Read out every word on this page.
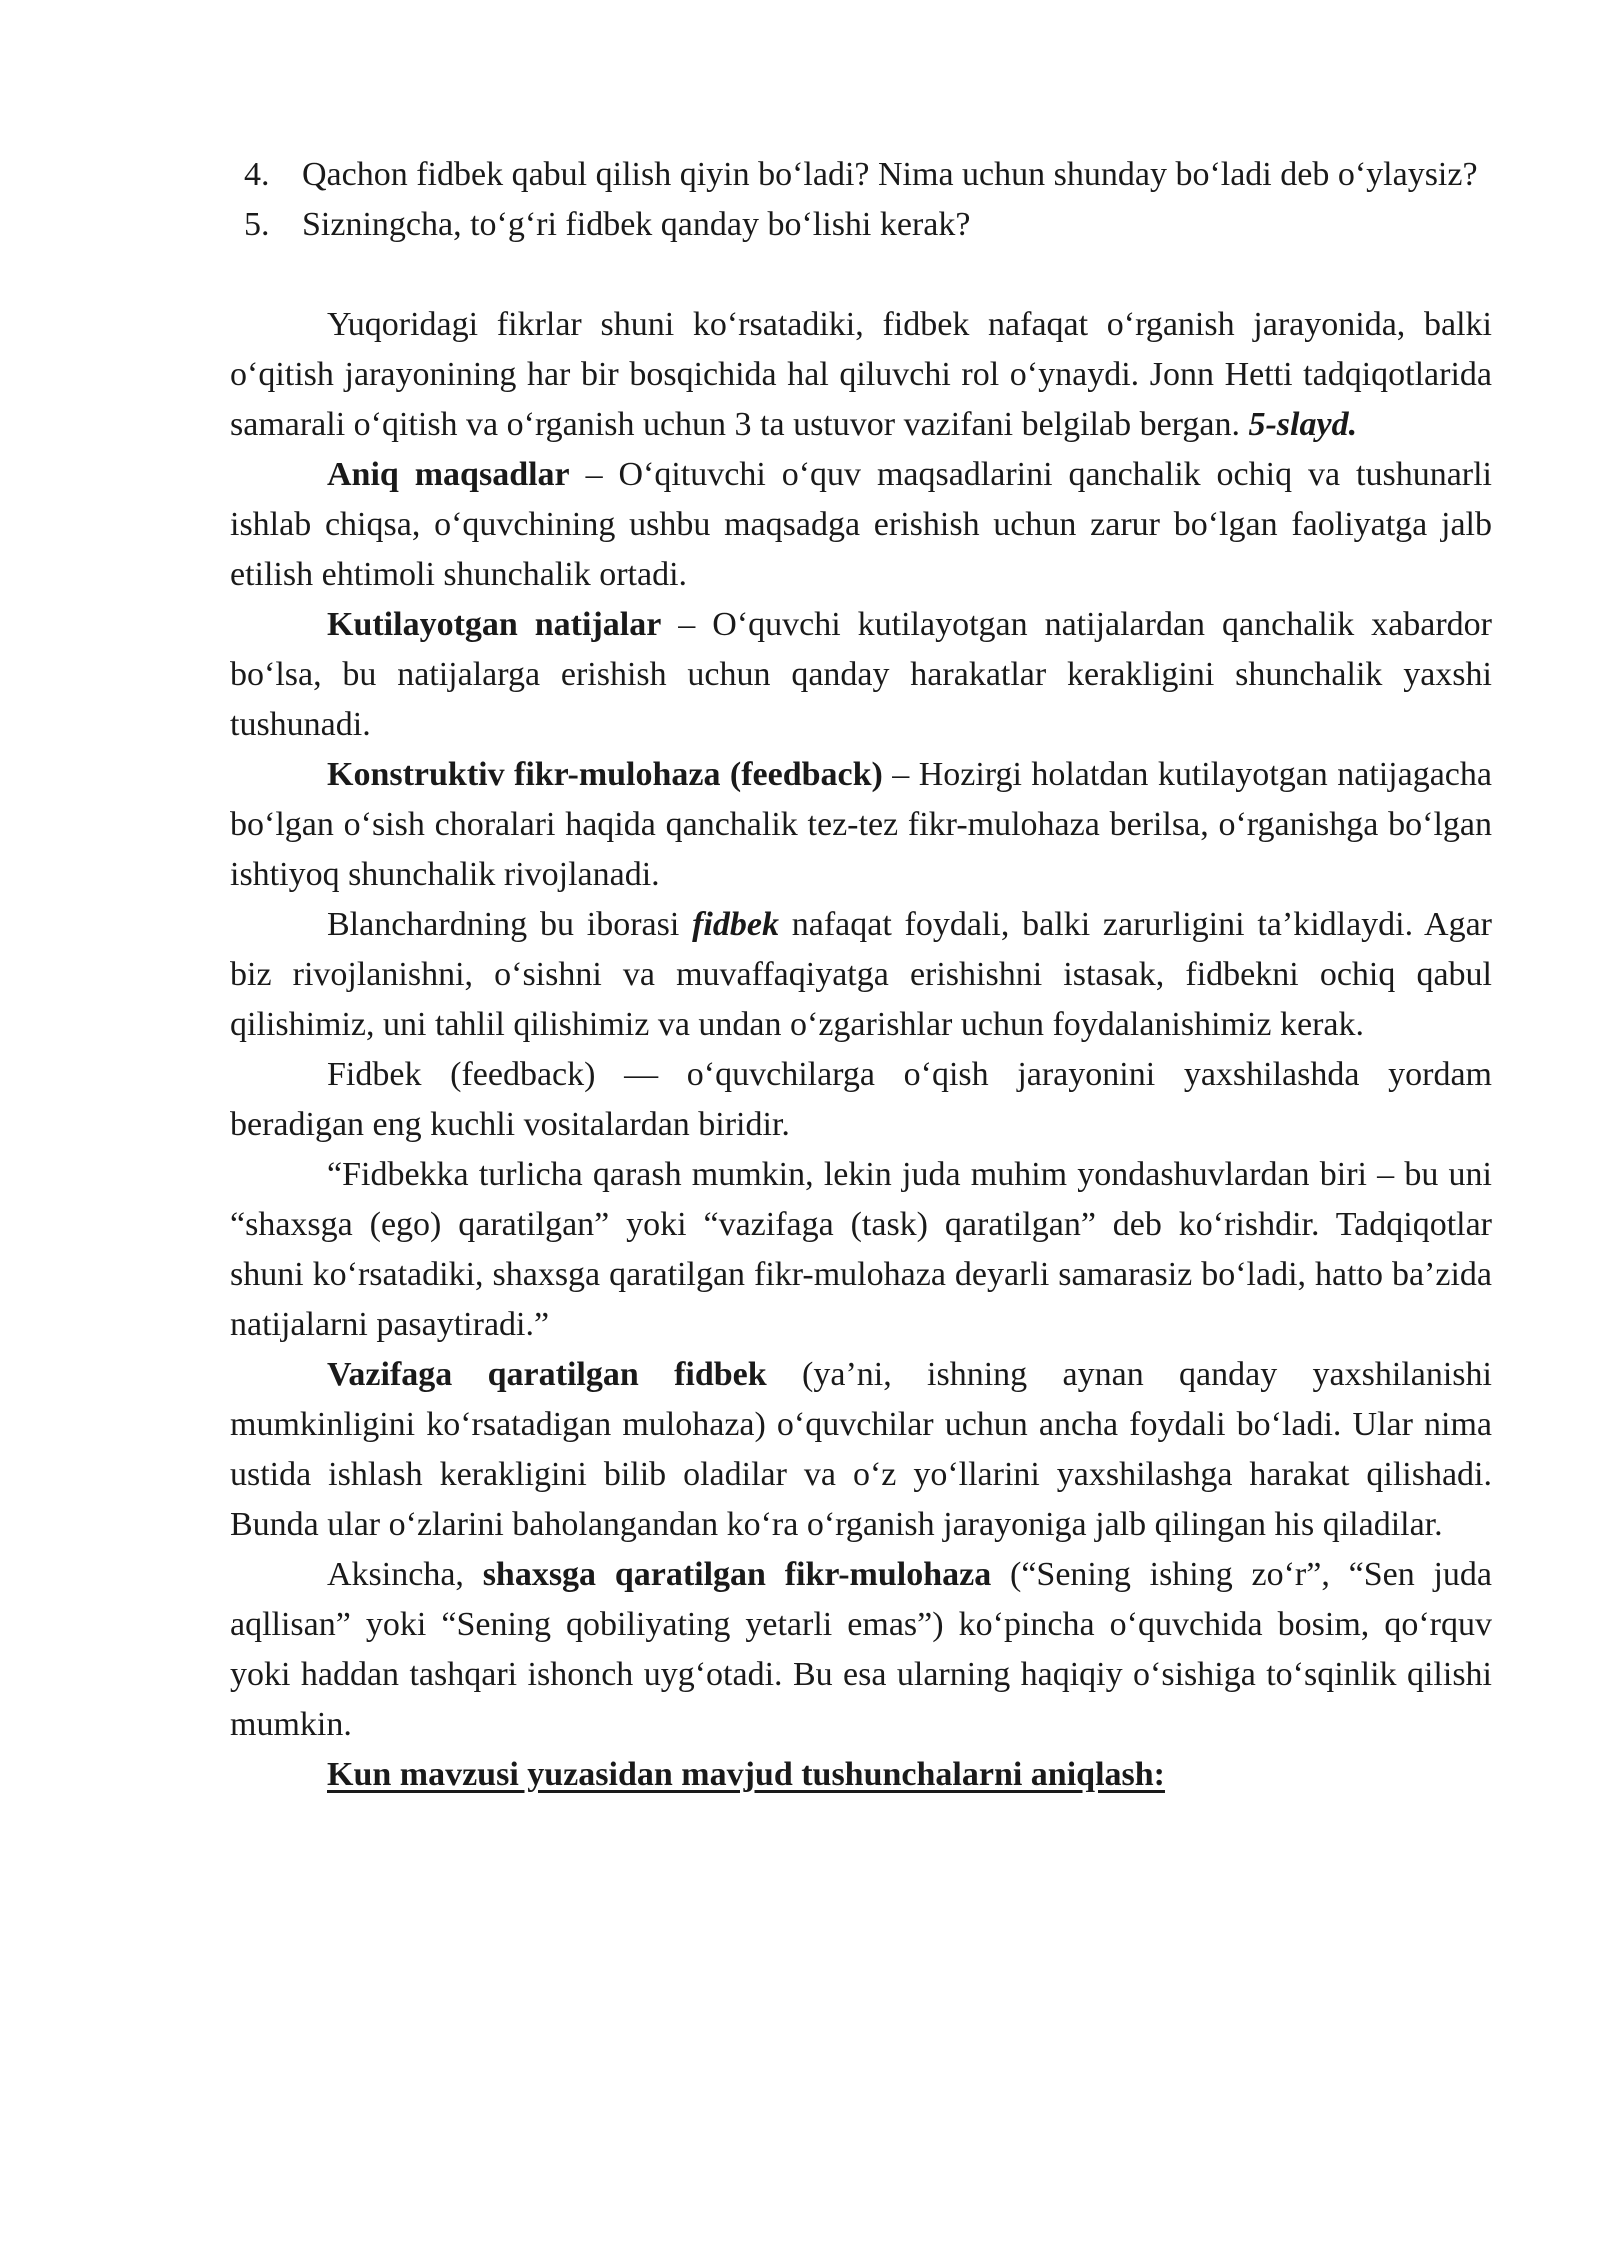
4. Qachon fidbek qabul qilish qiyin bo‘ladi? Nima uchun shunday bo‘ladi deb o‘ylaysiz?
5. Sizningcha, to‘g‘ri fidbek qanday bo‘lishi kerak?

Yuqoridagi fikrlar shuni ko‘rsatadiki, fidbek nafaqat o‘rganish jarayonida, balki o‘qitish jarayonining har bir bosqichida hal qiluvchi rol o‘ynaydi. Jonn Hetti tadqiqotlarida samarali o‘qitish va o‘rganish uchun 3 ta ustuvor vazifani belgilab bergan. 5-slayd.

Aniq maqsadlar – O‘qituvchi o‘quv maqsadlarini qanchalik ochiq va tushunarli ishlab chiqsa, o‘quvchining ushbu maqsadga erishish uchun zarur bo‘lgan faoliyatga jalb etilish ehtimoli shunchalik ortadi.

Kutilayotgan natijalar – O‘quvchi kutilayotgan natijalardan qanchalik xabardor bo‘lsa, bu natijalarga erishish uchun qanday harakatlar kerakligini shunchalik yaxshi tushunadi.

Konstruktiv fikr-mulohaza (feedback) – Hozirgi holatdan kutilayotgan natijagacha bo‘lgan o‘sish choralari haqida qanchalik tez-tez fikr-mulohaza berilsa, o‘rganishga bo‘lgan ishtiyoq shunchalik rivojlanadi.

Blanchardning bu iborasi fidbek nafaqat foydali, balki zarurligini ta’kidlaydi. Agar biz rivojlanishni, o‘sishni va muvaffaqiyatga erishishni istasak, fidbekni ochiq qabul qilishimiz, uni tahlil qilishimiz va undan o‘zgarishlar uchun foydalanishimiz kerak.

Fidbek (feedback) — o‘quvchilarga o‘qish jarayonini yaxshilashda yordam beradigan eng kuchli vositalardan biridir.

“Fidbekka turlicha qarash mumkin, lekin juda muhim yondashuvlardan biri – bu uni “shaxsga (ego) qaratilgan” yoki “vazifaga (task) qaratilgan” deb ko‘rishdir. Tadqiqotlar shuni ko‘rsatadiki, shaxsga qaratilgan fikr-mulohaza deyarli samarasiz bo‘ladi, hatto ba’zida natijalarni pasaytiradi.”

Vazifaga qaratilgan fidbek (ya’ni, ishning aynan qanday yaxshilanishi mumkinligini ko‘rsatadigan mulohaza) o‘quvchilar uchun ancha foydali bo‘ladi. Ular nima ustida ishlash kerakligini bilib oladilar va o‘z yo‘llarini yaxshilashga harakat qilishadi. Bunda ular o‘zlarini baholangandan ko‘ra o‘rganish jarayoniga jalb qilingan his qiladilar.

Aksincha, shaxsga qaratilgan fikr-mulohaza (“Sening ishing zo‘r”, “Sen juda aqllisan” yoki “Sening qobiliyating yetarli emas”) ko‘pincha o‘quvchida bosim, qo‘rquv yoki haddan tashqari ishonch uyg‘otadi. Bu esa ularning haqiqiy o‘sishiga to‘sqinlik qilishi mumkin.

Kun mavzusi yuzasidan mavjud tushunchalarni aniqlash:
